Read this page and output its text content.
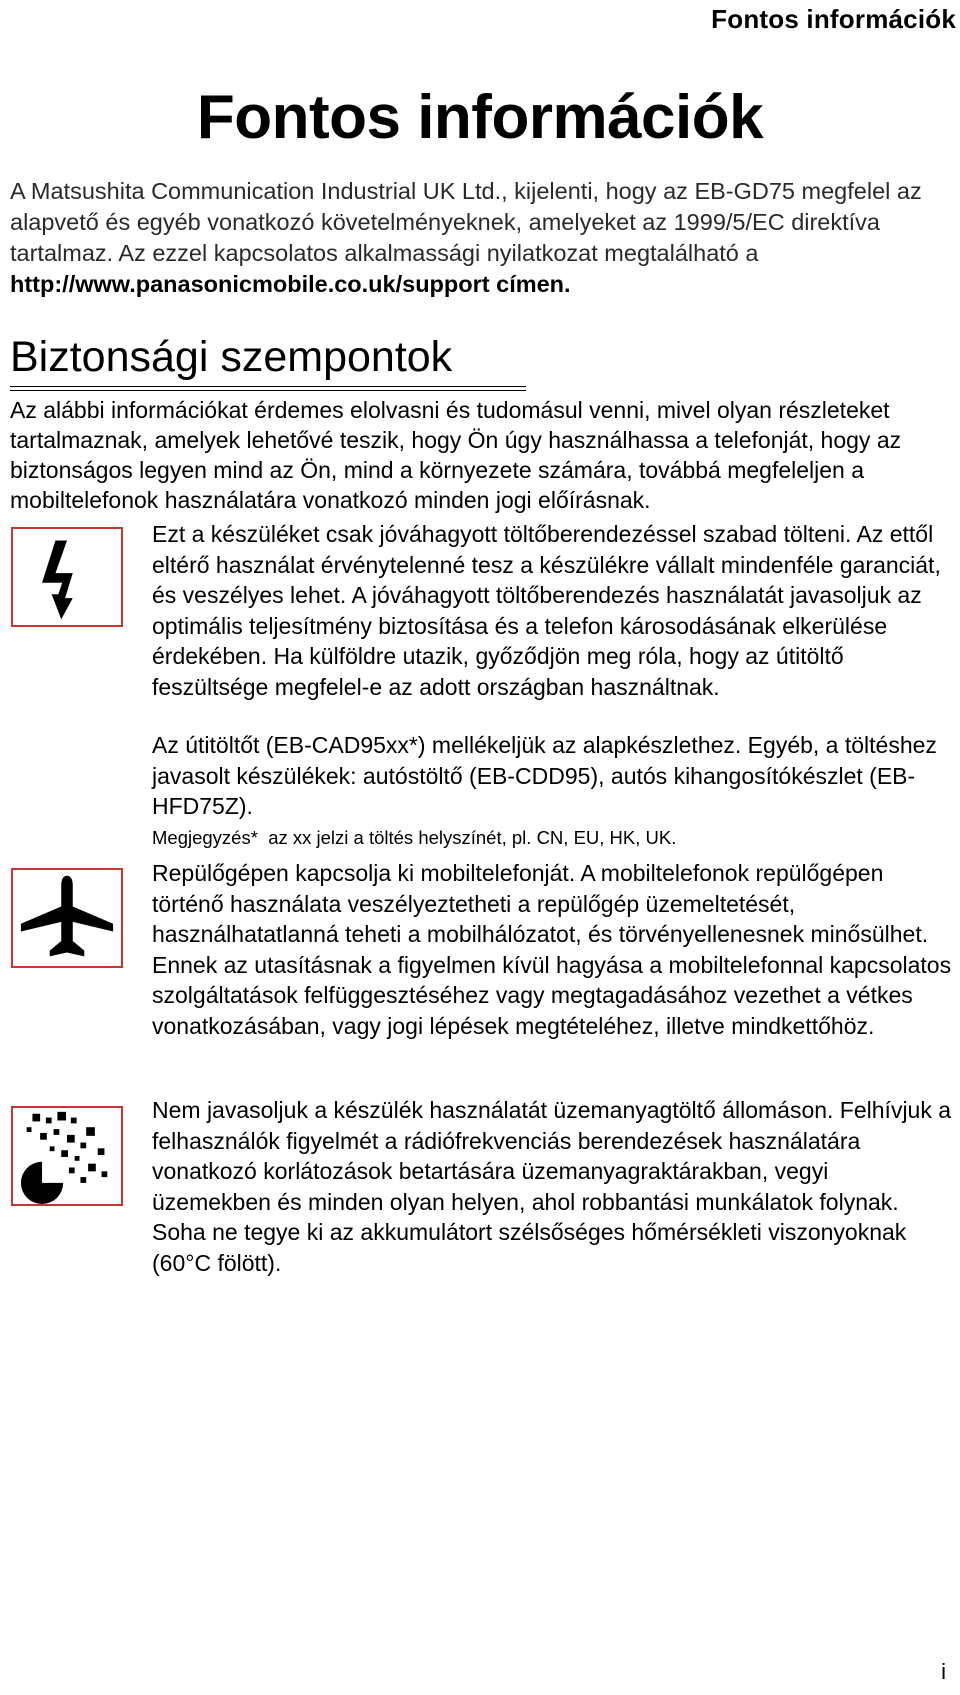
Fontos információk
Fontos információk

A Matsushita Communication Industrial UK Ltd., kijelenti, hogy az EB-GD75 megfelel az alapvető és egyéb vonatkozó követelményeknek, amelyeket az 1999/5/EC direktíva tartalmaz. Az ezzel kapcsolatos alkalmassági nyilatkozat megtalálható a http://www.panasonicmobile.co.uk/support címen.

Biztonsági szempontok

Az alábbi információkat érdemes elolvasni és tudomásul venni, mivel olyan részleteket tartalmaznak, amelyek lehetővé teszik, hogy Ön úgy használhassa a telefonját, hogy az biztonságos legyen mind az Ön, mind a környezete számára, továbbá megfeleljen a mobiltelefonok használatára vonatkozó minden jogi előírásnak.

Ezt a készüléket csak jóváhagyott töltőberendezéssel szabad tölteni. Az ettől eltérő használat érvénytelenné tesz a készülékre vállalt mindenféle garanciát, és veszélyes lehet. A jóváhagyott töltőberendezés használatát javasoljuk az optimális teljesítmény biztosítása és a telefon károsodásának elkerülése érdekében. Ha külföldre utazik, győződjön meg róla, hogy az útitöltő feszültsége megfelel-e az adott országban használtnak.

Az útitöltőt (EB-CAD95xx*) mellékeljük az alapkészlethez. Egyéb, a töltéshez javasolt készülékek: autóstöltő (EB-CDD95), autós kihangosítókészlet (EB-HFD75Z).

Megjegyzés* az xx jelzi a töltés helyszínét, pl. CN, EU, HK, UK.

Repülőgépen kapcsolja ki mobiltelefonját. A mobiltelefonok repülőgépen történő használata veszélyeztetheti a repülőgép üzemeltetését, használhatatlanná teheti a mobilhálózatot, és törvényellenesnek minősülhet. Ennek az utasításnak a figyelmen kívül hagyása a mobiltelefonnal kapcsolatos szolgáltatások felfüggesztéséhez vagy megtagadásához vezethet a vétkes vonatkozásában, vagy jogi lépések megtételéhez, illetve mindkettőhöz.

Nem javasoljuk a készülék használatát üzemanyagtöltő állomáson. Felhívjuk a felhasználók figyelmét a rádiófrekvenciás berendezések használatára vonatkozó korlátozások betartására üzemanyagraktárakban, vegyi üzemekben és minden olyan helyen, ahol robbantási munkálatok folynak. Soha ne tegye ki az akkumulátort szélsőséges hőmérsékleti viszonyoknak (60°C fölött).

i
